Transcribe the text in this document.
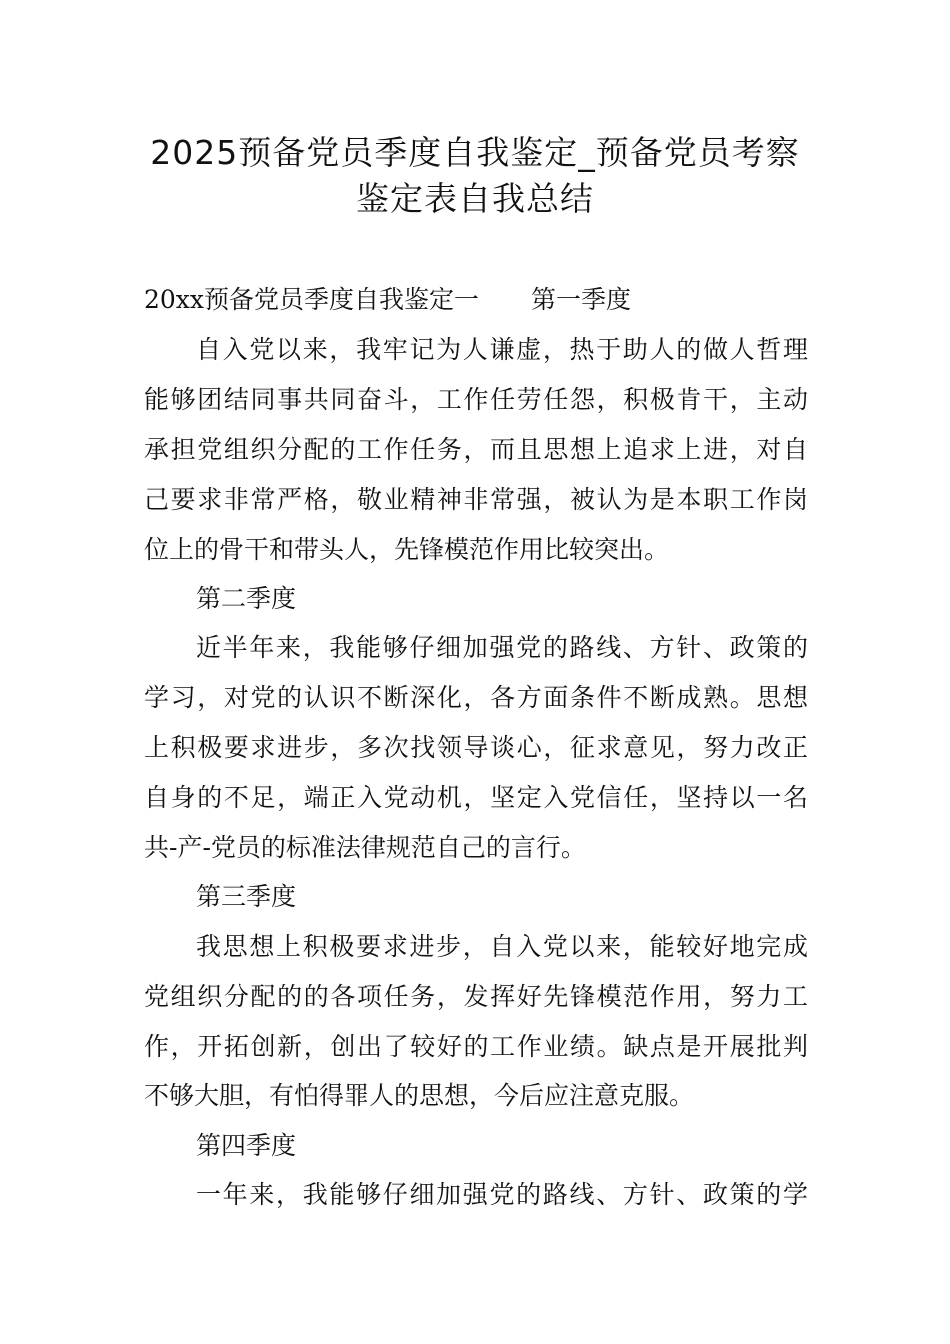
2025预备党员季度自我鉴定_预备党员考察
鉴定表自我总结
20xx预备党员季度自我鉴定一 第一季度
自入党以来，我牢记为人谦虚，热于助人的做人哲理
能够团结同事共同奋斗，工作任劳任怨，积极肯干，主动
承担党组织分配的工作任务，而且思想上追求上进，对自
己要求非常严格，敬业精神非常强，被认为是本职工作岗
位上的骨干和带头人，先锋模范作用比较突出。
第二季度
近半年来，我能够仔细加强党的路线、方针、政策的
学习，对党的认识不断深化，各方面条件不断成熟。思想
上积极要求进步，多次找领导谈心，征求意见，努力改正
自身的不足，端正入党动机，坚定入党信任，坚持以一名
共-产-党员的标准法律规范自己的言行。
第三季度
我思想上积极要求进步，自入党以来，能较好地完成
党组织分配的的各项任务，发挥好先锋模范作用，努力工
作，开拓创新，创出了较好的工作业绩。缺点是开展批判
不够大胆，有怕得罪人的思想，今后应注意克服。
第四季度
一年来，我能够仔细加强党的路线、方针、政策的学
